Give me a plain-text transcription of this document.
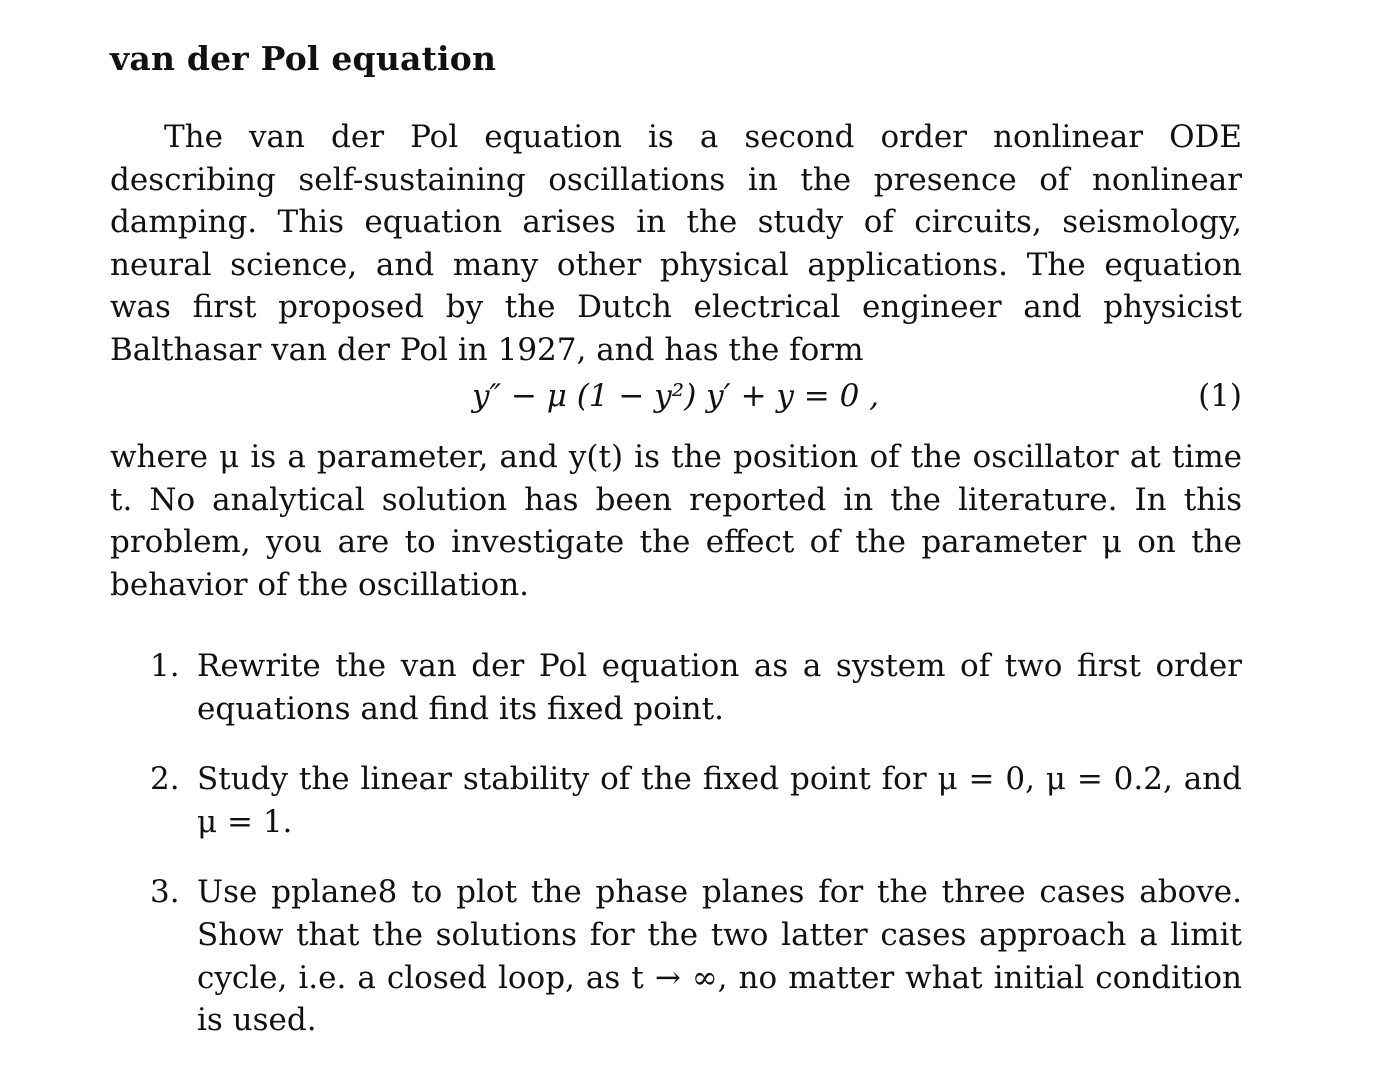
van der Pol equation

The van der Pol equation is a second order nonlinear ODE describing self-sustaining oscillations in the presence of nonlinear damping. This equation arises in the study of circuits, seismology, neural science, and many other physical applications. The equation was first proposed by the Dutch electrical engineer and physicist Balthasar van der Pol in 1927, and has the form

y″ − μ (1 − y²) y′ + y = 0 ,	(1)

where μ is a parameter, and y(t) is the position of the oscillator at time t. No analytical solution has been reported in the literature. In this problem, you are to investigate the effect of the parameter μ on the behavior of the oscillation.

1. Rewrite the van der Pol equation as a system of two first order equations and find its fixed point.
2. Study the linear stability of the fixed point for μ = 0, μ = 0.2, and μ = 1.
3. Use pplane8 to plot the phase planes for the three cases above. Show that the solutions for the two latter cases approach a limit cycle, i.e. a closed loop, as t → ∞, no matter what initial condition is used.
